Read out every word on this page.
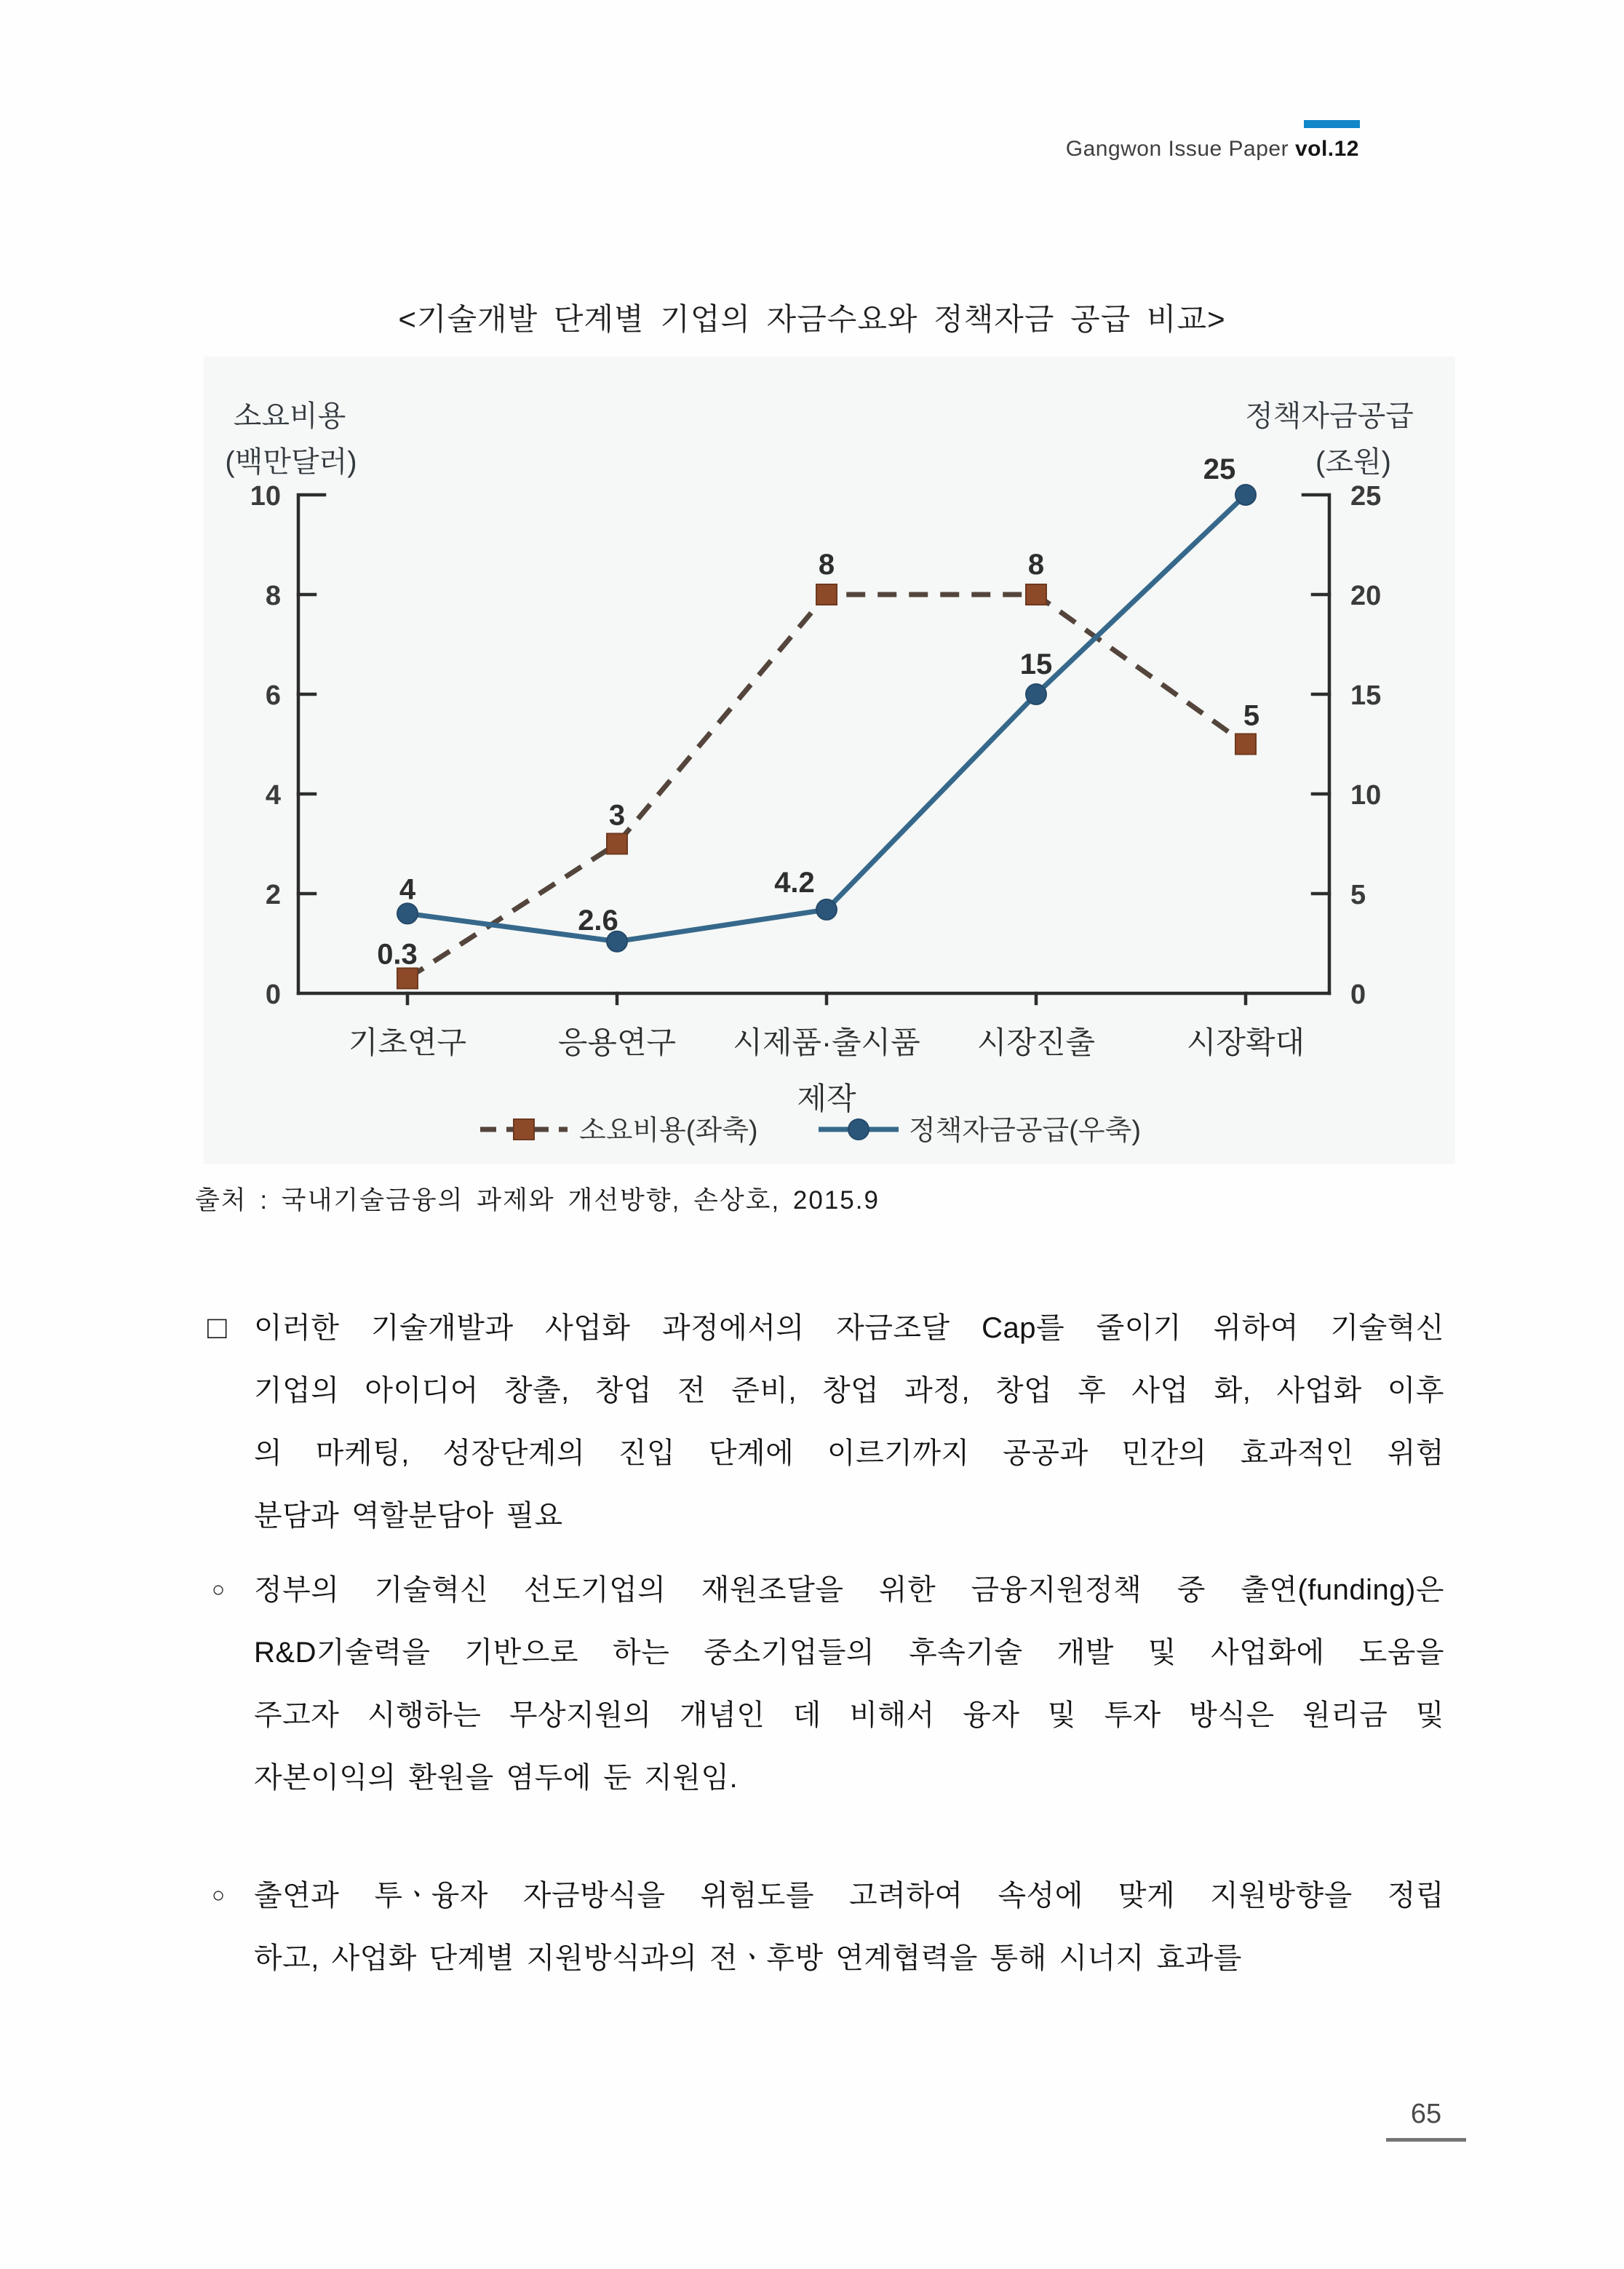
Gangwon Issue Paper vol.12
<기술개발 단계별 기업의 자금수요와 정책자금 공급 비교>
0
2
4
6
8
10
0
5
10
15
20
25
기초연구	응용연구 시제품·출시품
제작
시장진출	시장확대
소요비용
(백만달러)
정책자금공급
(조원)
0.3
3
8	8
5
4
2.6
4.2
15
25
소요비용(좌축)	정책자금공급(우축)
출처 : 국내기술금융의 과제와 개선방향, 손상호, 2015.9
□ 이러한 기술개발과 사업화 과정에서의 자금조달 Cap를 줄이기 위하여 기술혁신
기업의 아이디어 창출, 창업 전 준비, 창업 과정, 창업 후 사업 화, 사업화 이후
의 마케팅, 성장단계의 진입 단계에 이르기까지 공공과 민간의 효과적인 위험
분담과 역할분담아 필요
○ 정부의 기술혁신 선도기업의 재원조달을 위한 금융지원정책 중 출연(funding)은
R&D기술력을 기반으로 하는 중소기업들의 후속기술 개발 및 사업화에 도움을
주고자 시행하는 무상지원의 개념인 데 비해서 융자 및 투자 방식은 원리금 및
자본이익의 환원을 염두에 둔 지원임.
○ 출연과 투ㆍ융자 자금방식을 위험도를 고려하여 속성에 맞게 지원방향을 정립
하고, 사업화 단계별 지원방식과의 전ㆍ후방 연계협력을 통해 시너지 효과를
65
